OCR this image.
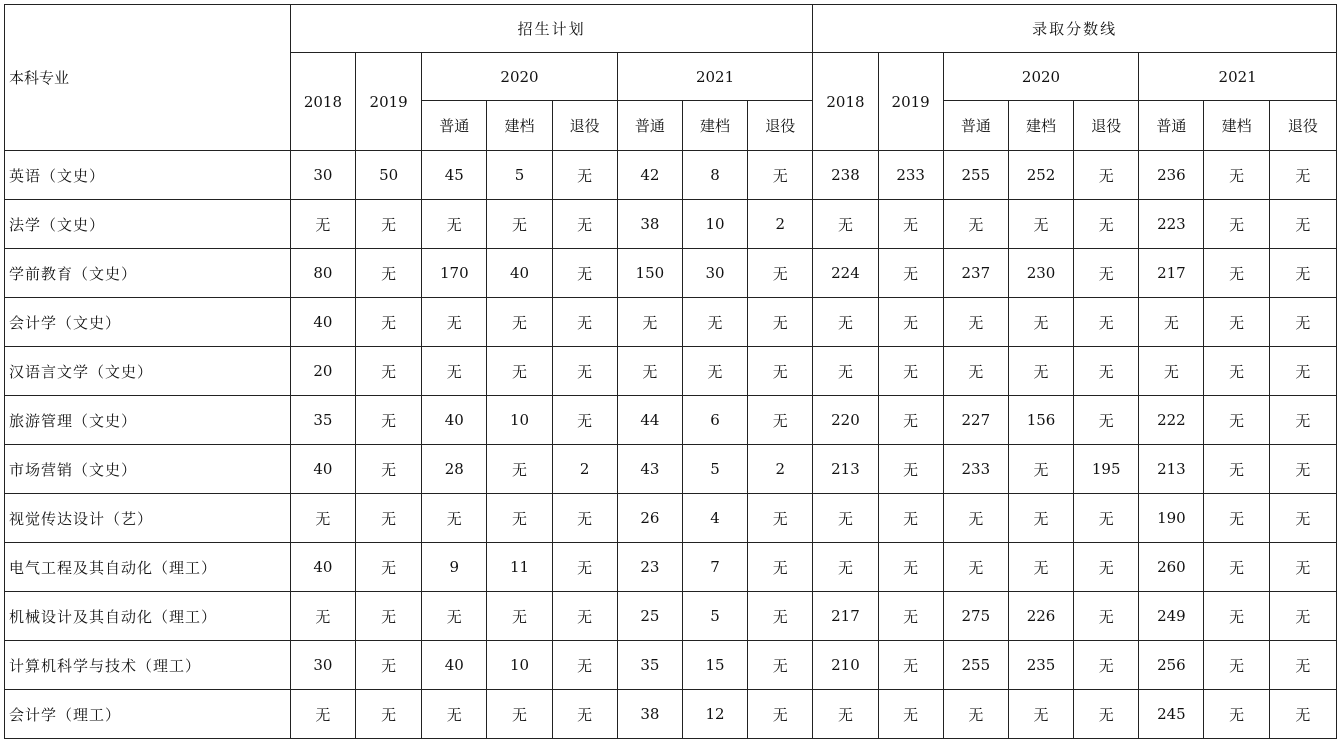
本科专业	招生计划								录取分数线							
	2018	2019	2020			2021			2018	2019	2020			2021		
			普通	建档	退役	普通	建档	退役			普通	建档	退役	普通	建档	退役
英语（文史）	30	50	45	5	无	42	8	无	238	233	255	252	无	236	无	无
法学（文史）	无	无	无	无	无	38	10	2	无	无	无	无	无	223	无	无
学前教育（文史）	80	无	170	40	无	150	30	无	224	无	237	230	无	217	无	无
会计学（文史）	40	无	无	无	无	无	无	无	无	无	无	无	无	无	无	无
汉语言文学（文史）	20	无	无	无	无	无	无	无	无	无	无	无	无	无	无	无
旅游管理（文史）	35	无	40	10	无	44	6	无	220	无	227	156	无	222	无	无
市场营销（文史）	40	无	28	无	2	43	5	2	213	无	233	无	195	213	无	无
视觉传达设计（艺）	无	无	无	无	无	26	4	无	无	无	无	无	无	190	无	无
电气工程及其自动化（理工）	40	无	9	11	无	23	7	无	无	无	无	无	无	260	无	无
机械设计及其自动化（理工）	无	无	无	无	无	25	5	无	217	无	275	226	无	249	无	无
计算机科学与技术（理工）	30	无	40	10	无	35	15	无	210	无	255	235	无	256	无	无
会计学（理工）	无	无	无	无	无	38	12	无	无	无	无	无	无	245	无	无
